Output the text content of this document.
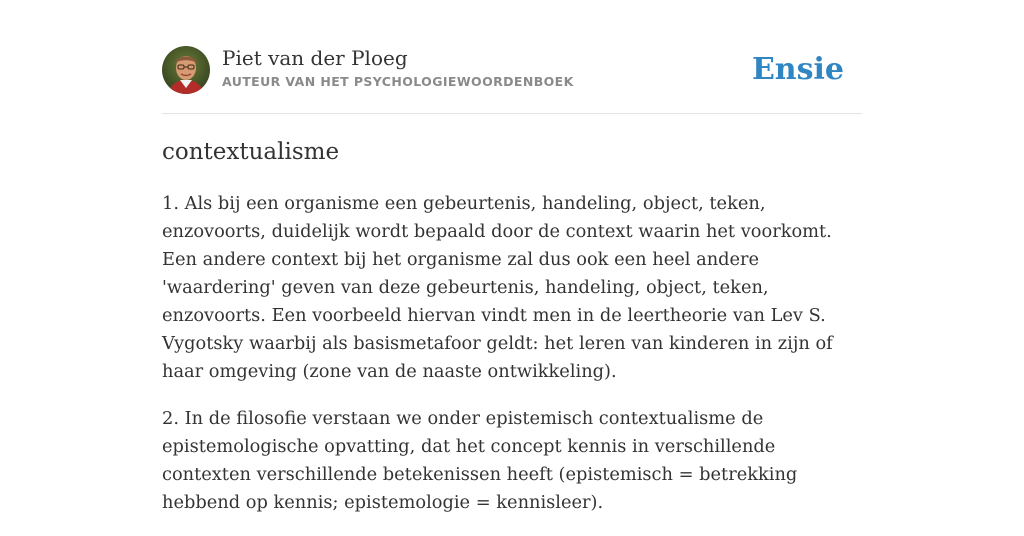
Piet van der Ploeg
AUTEUR VAN HET PSYCHOLOGIEWOORDENBOEK	Ensie
contextualisme

1. Als bij een organisme een gebeurtenis, handeling, object, teken, enzovoorts, duidelijk wordt bepaald door de context waarin het voorkomt. Een andere context bij het organisme zal dus ook een heel andere 'waardering' geven van deze gebeurtenis, handeling, object, teken, enzovoorts. Een voorbeeld hiervan vindt men in de leertheorie van Lev S. Vygotsky waarbij als basismetafoor geldt: het leren van kinderen in zijn of haar omgeving (zone van de naaste ontwikkeling).

2. In de filosofie verstaan we onder epistemisch contextualisme de epistemologische opvatting, dat het concept kennis in verschillende contexten verschillende betekenissen heeft (epistemisch = betrekking hebbend op kennis; epistemologie = kennisleer).
